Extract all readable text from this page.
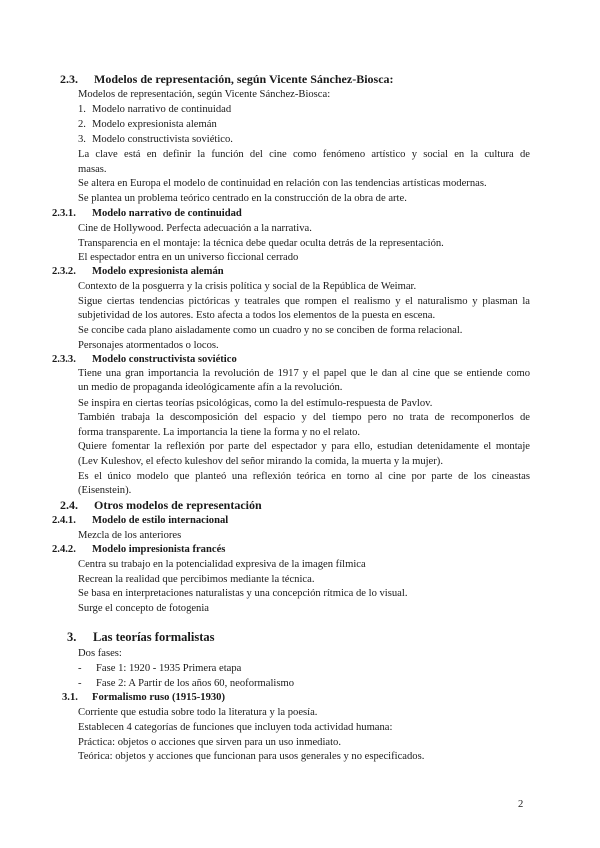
2.3. Modelos de representación, según Vicente Sánchez-Biosca:
Modelos de representación, según Vicente Sánchez-Biosca:
1. Modelo narrativo de continuidad
2. Modelo expresionista alemán
3. Modelo constructivista soviético.
La clave está en definir la función del cine como fenómeno artístico y social en la cultura de
masas.
Se altera en Europa el modelo de continuidad en relación con las tendencias artísticas modernas.
Se plantea un problema teórico centrado en la construcción de la obra de arte.
2.3.1. Modelo narrativo de continuidad
Cine de Hollywood. Perfecta adecuación a la narrativa.
Transparencia en el montaje: la técnica debe quedar oculta detrás de la representación.
El espectador entra en un universo ficcional cerrado
2.3.2. Modelo expresionista alemán
Contexto de la posguerra y la crisis política y social de la República de Weimar.
Sigue ciertas tendencias pictóricas y teatrales que rompen el realismo y el naturalismo y plasman la
subjetividad de los autores. Esto afecta a todos los elementos de la puesta en escena.
Se concibe cada plano aisladamente como un cuadro y no se conciben de forma relacional.
Personajes atormentados o locos.
2.3.3. Modelo constructivista soviético
Tiene una gran importancia la revolución de 1917 y el papel que le dan al cine que se entiende como
un medio de propaganda ideológicamente afín a la revolución.
Se inspira en ciertas teorías psicológicas, como la del estímulo-respuesta de Pavlov.
También trabaja la descomposición del espacio y del tiempo pero no trata de recomponerlos de
forma transparente. La importancia la tiene la forma y no el relato.
Quiere fomentar la reflexión por parte del espectador y para ello, estudian detenidamente el montaje
(Lev Kuleshov, el efecto kuleshov del señor mirando la comida, la muerta y la mujer).
Es el único modelo que planteó una reflexión teórica en torno al cine por parte de los cineastas
(Eisenstein).
2.4. Otros modelos de representación
2.4.1. Modelo de estilo internacional
Mezcla de los anteriores
2.4.2. Modelo impresionista francés
Centra su trabajo en la potencialidad expresiva de la imagen fílmica
Recrean la realidad que percibimos mediante la técnica.
Se basa en interpretaciones naturalistas y una concepción rítmica de lo visual.
Surge el concepto de fotogenia
3. Las teorías formalistas
Dos fases:
- Fase 1: 1920 - 1935 Primera etapa
- Fase 2: A Partir de los años 60, neoformalismo
3.1. Formalismo ruso (1915-1930)
Corriente que estudia sobre todo la literatura y la poesía.
Establecen 4 categorías de funciones que incluyen toda actividad humana:
Práctica: objetos o acciones que sirven para un uso inmediato.
Teórica: objetos y acciones que funcionan para usos generales y no especificados.
2
